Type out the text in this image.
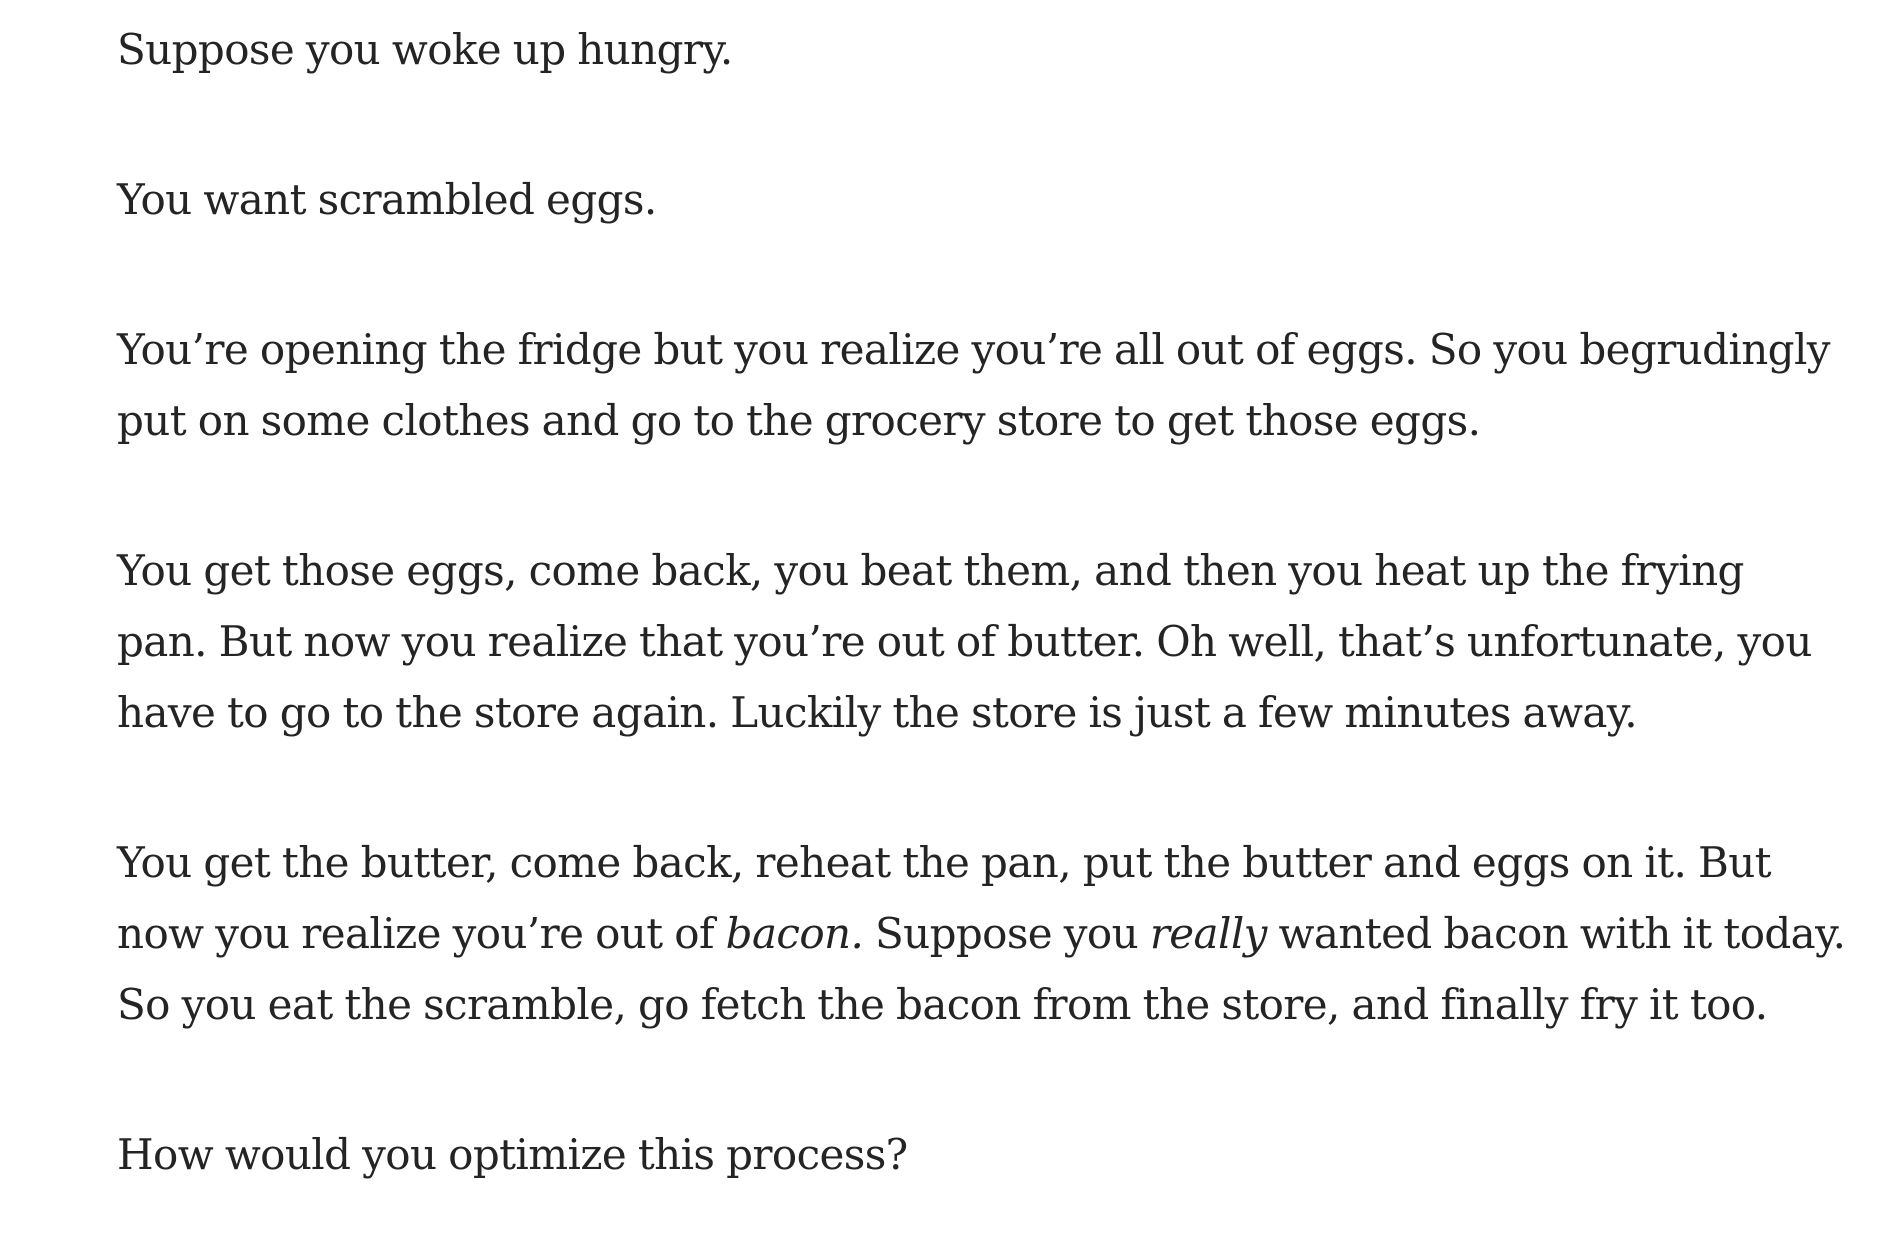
Suppose you woke up hungry.

You want scrambled eggs.

You’re opening the fridge but you realize you’re all out of eggs. So you begrudingly
put on some clothes and go to the grocery store to get those eggs.

You get those eggs, come back, you beat them, and then you heat up the frying
pan. But now you realize that you’re out of butter. Oh well, that’s unfortunate, you
have to go to the store again. Luckily the store is just a few minutes away.

You get the butter, come back, reheat the pan, put the butter and eggs on it. But
now you realize you’re out of bacon. Suppose you really wanted bacon with it today.
So you eat the scramble, go fetch the bacon from the store, and finally fry it too.

How would you optimize this process?
